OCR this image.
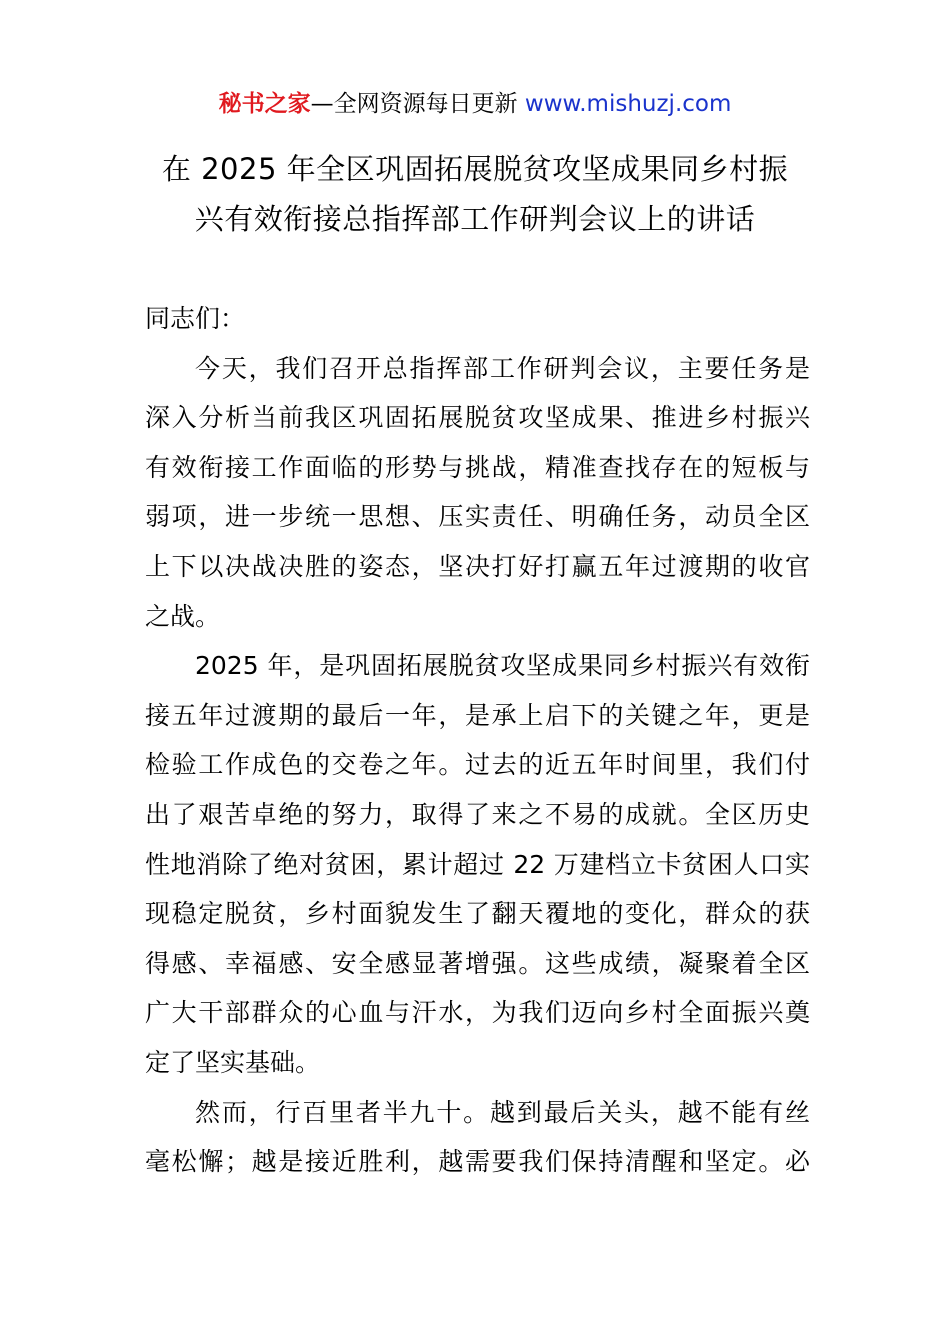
秘书之家—全网资源每日更新 www.mishuzj.com
在 2025 年全区巩固拓展脱贫攻坚成果同乡村振
兴有效衔接总指挥部工作研判会议上的讲话

同志们：

今天，我们召开总指挥部工作研判会议，主要任务是
深入分析当前我区巩固拓展脱贫攻坚成果、推进乡村振兴
有效衔接工作面临的形势与挑战，精准查找存在的短板与
弱项，进一步统一思想、压实责任、明确任务，动员全区
上下以决战决胜的姿态，坚决打好打赢五年过渡期的收官
之战。
2025 年，是巩固拓展脱贫攻坚成果同乡村振兴有效衔
接五年过渡期的最后一年，是承上启下的关键之年，更是
检验工作成色的交卷之年。过去的近五年时间里，我们付
出了艰苦卓绝的努力，取得了来之不易的成就。全区历史
性地消除了绝对贫困，累计超过 22 万建档立卡贫困人口实
现稳定脱贫，乡村面貌发生了翻天覆地的变化，群众的获
得感、幸福感、安全感显著增强。这些成绩，凝聚着全区
广大干部群众的心血与汗水，为我们迈向乡村全面振兴奠
定了坚实基础。
然而，行百里者半九十。越到最后关头，越不能有丝
毫松懈；越是接近胜利，越需要我们保持清醒和坚定。必
